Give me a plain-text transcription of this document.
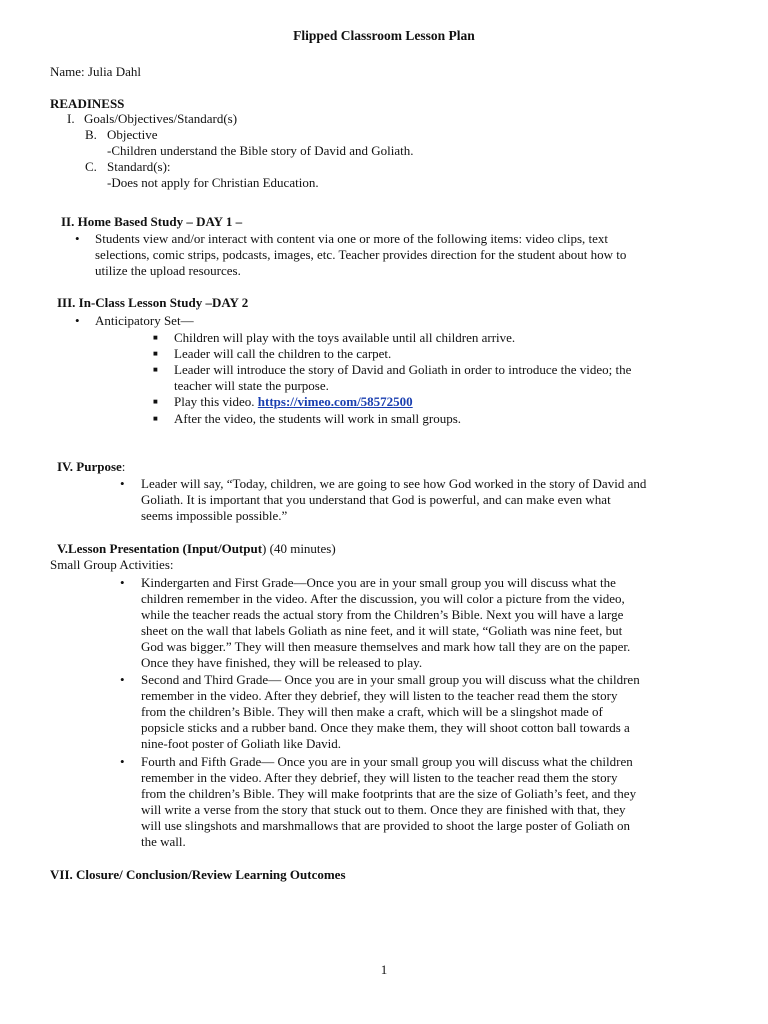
Flipped Classroom Lesson Plan
Name: Julia Dahl
READINESS
I. Goals/Objectives/Standard(s)
B. Objective
-Children understand the Bible story of David and Goliath.
C. Standard(s):
-Does not apply for Christian Education.
II. Home Based Study – DAY 1 –
• Students view and/or interact with content via one or more of the following items: video clips, text
selections, comic strips, podcasts, images, etc. Teacher provides direction for the student about how to
utilize the upload resources.
III. In-Class Lesson Study –DAY 2
• Anticipatory Set—
■ Children will play with the toys available until all children arrive.
■ Leader will call the children to the carpet.
■ Leader will introduce the story of David and Goliath in order to introduce the video; the
teacher will state the purpose.
■ Play this video. https://vimeo.com/58572500
■ After the video, the students will work in small groups.
IV. Purpose:
• Leader will say, “Today, children, we are going to see how God worked in the story of David and
Goliath. It is important that you understand that God is powerful, and can make even what
seems impossible possible.”
V.Lesson Presentation (Input/Output) (40 minutes)
Small Group Activities:
• Kindergarten and First Grade—Once you are in your small group you will discuss what the
children remember in the video. After the discussion, you will color a picture from the video,
while the teacher reads the actual story from the Children’s Bible. Next you will have a large
sheet on the wall that labels Goliath as nine feet, and it will state, “Goliath was nine feet, but
God was bigger.” They will then measure themselves and mark how tall they are on the paper.
Once they have finished, they will be released to play.
• Second and Third Grade— Once you are in your small group you will discuss what the children
remember in the video. After they debrief, they will listen to the teacher read them the story
from the children’s Bible. They will then make a craft, which will be a slingshot made of
popsicle sticks and a rubber band. Once they make them, they will shoot cotton ball towards a
nine-foot poster of Goliath like David.
• Fourth and Fifth Grade— Once you are in your small group you will discuss what the children
remember in the video. After they debrief, they will listen to the teacher read them the story
from the children’s Bible. They will make footprints that are the size of Goliath’s feet, and they
will write a verse from the story that stuck out to them. Once they are finished with that, they
will use slingshots and marshmallows that are provided to shoot the large poster of Goliath on
the wall.
VII. Closure/ Conclusion/Review Learning Outcomes
1
